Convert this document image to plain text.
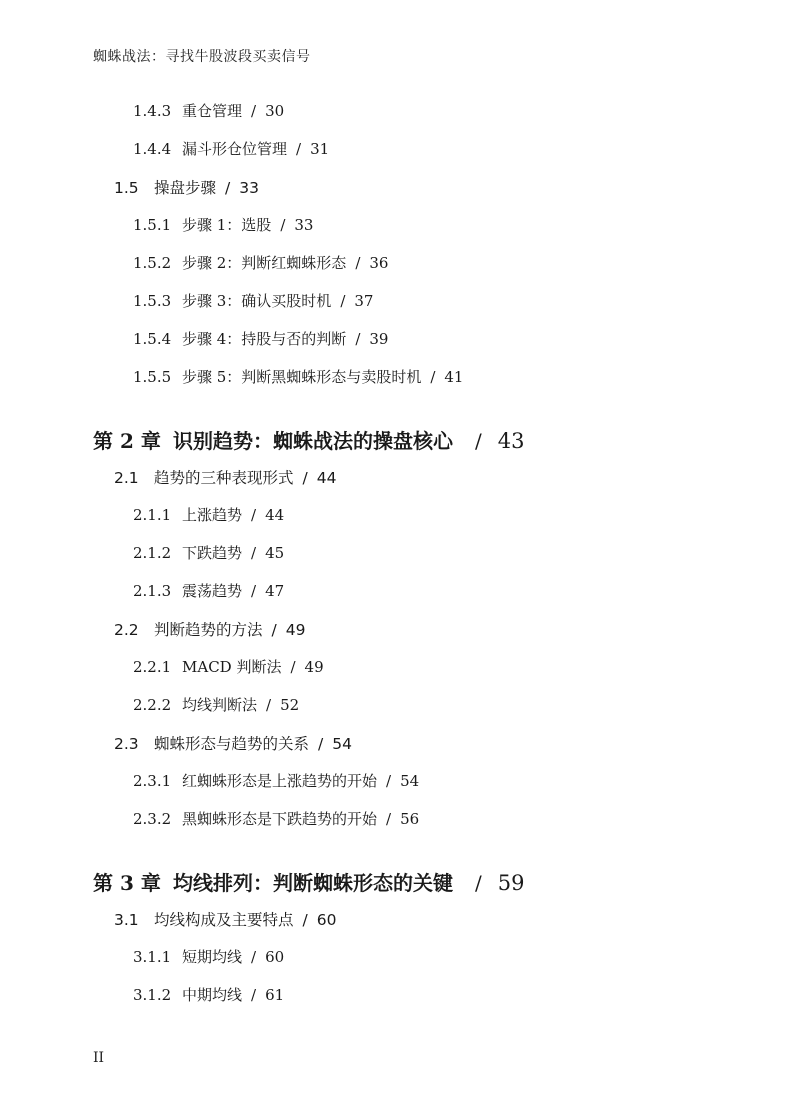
蜘蛛战法：寻找牛股波段买卖信号
1.4.3 重仓管理 / 30
1.4.4 漏斗形仓位管理 / 31
1.5 操盘步骤 / 33
1.5.1 步骤 1：选股 / 33
1.5.2 步骤 2：判断红蜘蛛形态 / 36
1.5.3 步骤 3：确认买股时机 / 37
1.5.4 步骤 4：持股与否的判断 / 39
1.5.5 步骤 5：判断黑蜘蛛形态与卖股时机 / 41
第 2 章 识别趋势：蜘蛛战法的操盘核心 / 43
2.1 趋势的三种表现形式 / 44
2.1.1 上涨趋势 / 44
2.1.2 下跌趋势 / 45
2.1.3 震荡趋势 / 47
2.2 判断趋势的方法 / 49
2.2.1 MACD 判断法 / 49
2.2.2 均线判断法 / 52
2.3 蜘蛛形态与趋势的关系 / 54
2.3.1 红蜘蛛形态是上涨趋势的开始 / 54
2.3.2 黑蜘蛛形态是下跌趋势的开始 / 56
第 3 章 均线排列：判断蜘蛛形态的关键 / 59
3.1 均线构成及主要特点 / 60
3.1.1 短期均线 / 60
3.1.2 中期均线 / 61
II
